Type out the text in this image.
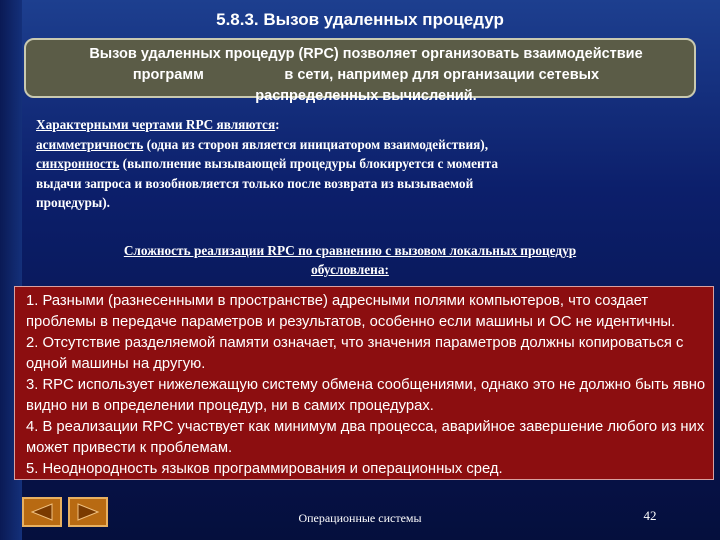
5.8.3. Вызов удаленных процедур
Вызов удаленных процедур (RPC) позволяет организовать взаимодействие
программ                    в сети, например для организации сетевых
распределенных вычислений.
Характерными чертами RPC являются:
асимметричность (одна из сторон является инициатором взаимодействия),
синхронность (выполнение вызывающей процедуры блокируется с момента
выдачи запроса и возобновляется только после возврата из вызываемой
процедуры).
Сложность реализации RPC по сравнению с вызовом локальных процедур
обусловлена:

1. Разными (разнесенными в пространстве) адресными полями компьютеров, что создает           проблемы в передаче параметров и результатов, особенно если машины и ОС не идентичны.

2. Отсутствие разделяемой памяти означает, что значения параметров должны копироваться с одной машины на другую.

3. RPC использует нижележащую систему обмена сообщениями, однако это не должно быть явно видно ни в определении процедур, ни в самих процедурах.

4. В реализации RPC участвует как минимум два процесса, аварийное завершение любого из них может привести к проблемам.

5. Неоднородность языков программирования и операционных сред.

Операционные системы	42
